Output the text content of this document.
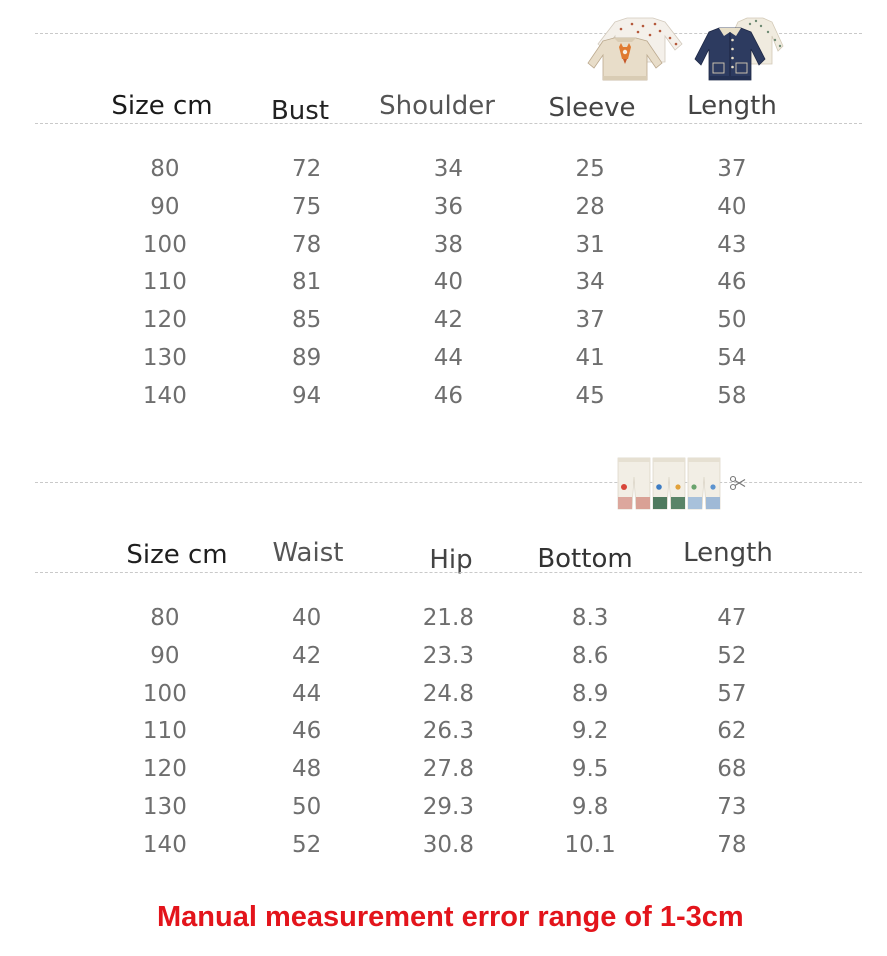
Size cm	Bust	Shoulder	Sleeve	Length
80	72	34	25	37
90	75	36	28	40
100	78	38	31	43
110	81	40	34	46
120	85	42	37	50
130	89	44	41	54
140	94	46	45	58
Size cm	Waist	Hip	Bottom	Length
80	40	21.8	8.3	47
90	42	23.3	8.6	52
100	44	24.8	8.9	57
110	46	26.3	9.2	62
120	48	27.8	9.5	68
130	50	29.3	9.8	73
140	52	30.8	10.1	78
Manual measurement error range of 1-3cm
